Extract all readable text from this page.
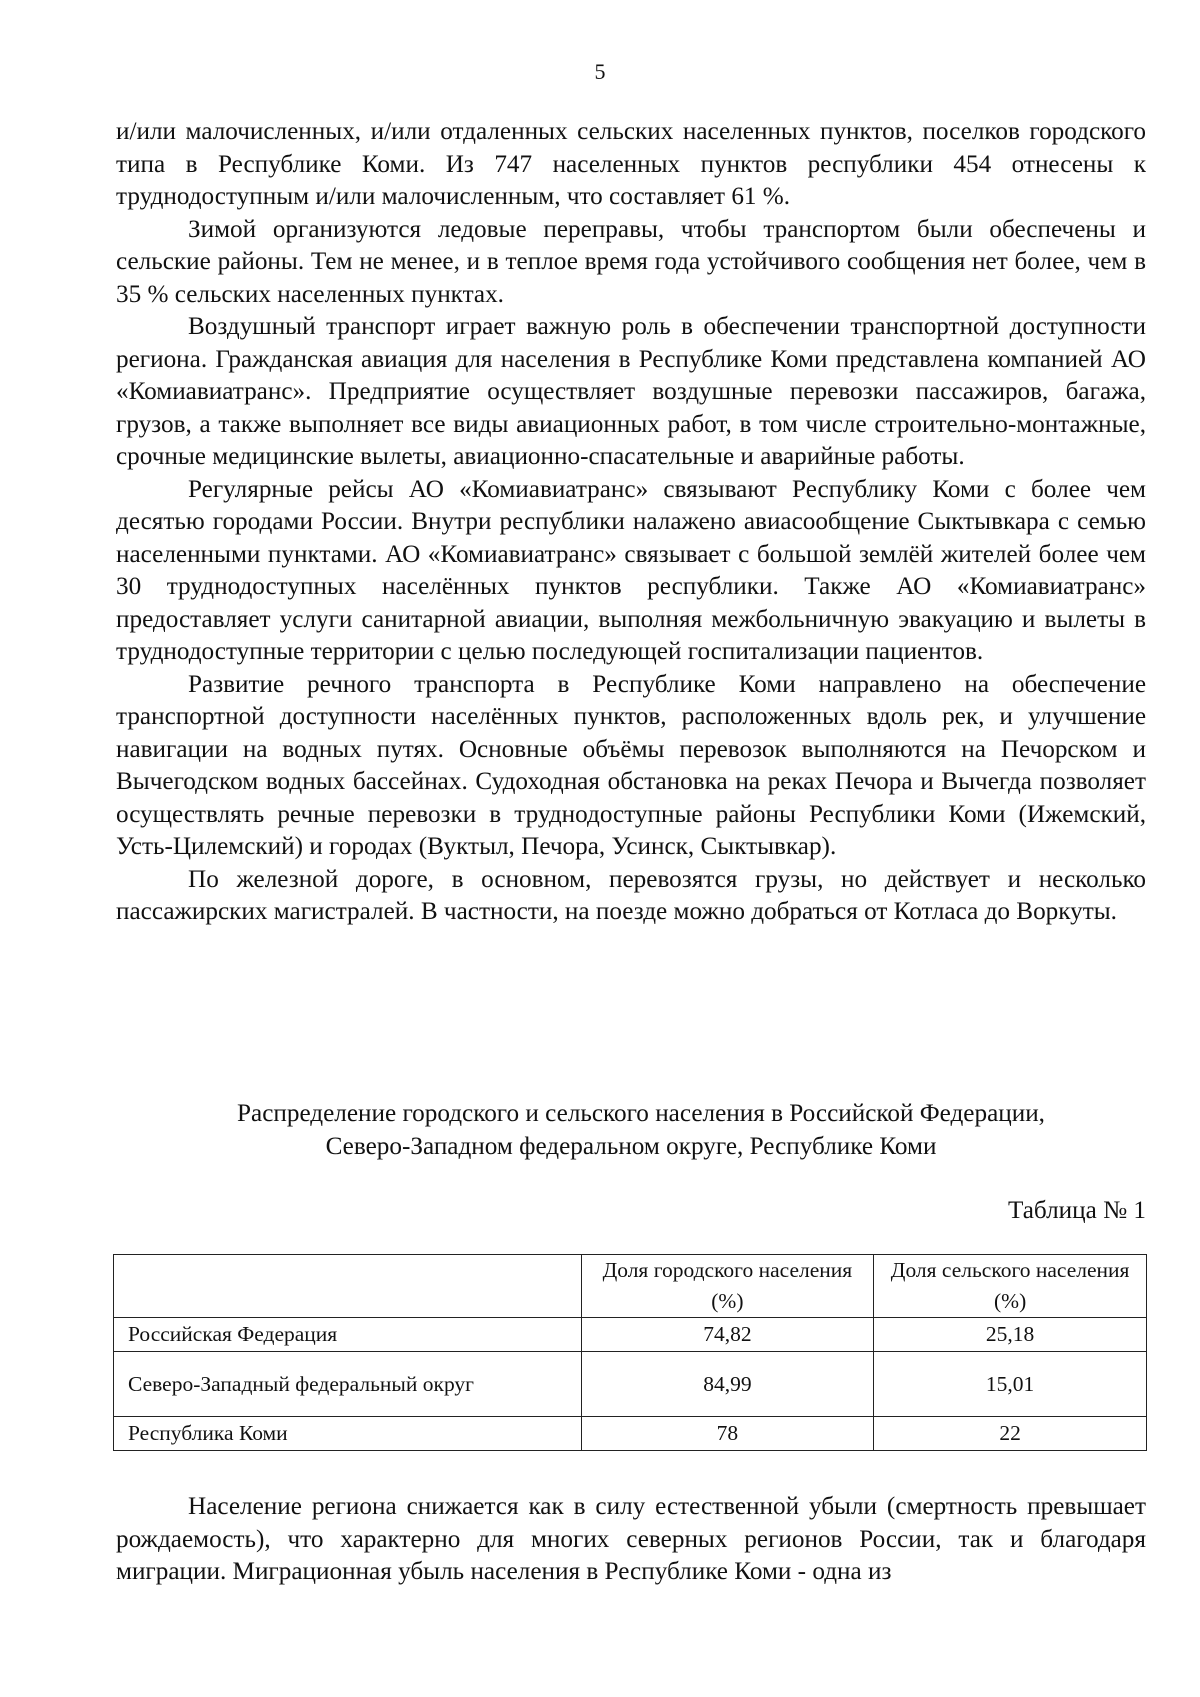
5

и/или малочисленных, и/или отдаленных сельских населенных пунктов, поселков городского типа в Республике Коми. Из 747 населенных пунктов республики 454 отнесены к труднодоступным и/или малочисленным, что составляет 61 %.

Зимой организуются ледовые переправы, чтобы транспортом были обеспечены и сельские районы. Тем не менее, и в теплое время года устойчивого сообщения нет более, чем в 35 % сельских населенных пунктах.

Воздушный транспорт играет важную роль в обеспечении транспортной доступности региона. Гражданская авиация для населения в Республике Коми представлена компанией АО «Комиавиатранс». Предприятие осуществляет воздушные перевозки пассажиров, багажа, грузов, а также выполняет все виды авиационных работ, в том числе строительно-монтажные, срочные медицинские вылеты, авиационно-спасательные и аварийные работы.

Регулярные рейсы АО «Комиавиатранс» связывают Республику Коми с более чем десятью городами России. Внутри республики налажено авиасообщение Сыктывкара с семью населенными пунктами. АО «Комиавиатранс» связывает с большой землёй жителей более чем 30 труднодоступных населённых пунктов республики. Также АО «Комиавиатранс» предоставляет услуги санитарной авиации, выполняя межбольничную эвакуацию и вылеты в труднодоступные территории с целью последующей госпитализации пациентов.

Развитие речного транспорта в Республике Коми направлено на обеспечение транспортной доступности населённых пунктов, расположенных вдоль рек, и улучшение навигации на водных путях. Основные объёмы перевозок выполняются на Печорском и Вычегодском водных бассейнах. Судоходная обстановка на реках Печора и Вычегда позволяет осуществлять речные перевозки в труднодоступные районы Республики Коми (Ижемский, Усть-Цилемский) и городах (Вуктыл, Печора, Усинск, Сыктывкар).

По железной дороге, в основном, перевозятся грузы, но действует и несколько пассажирских магистралей. В частности, на поезде можно добраться от Котласа до Воркуты.

Распределение городского и сельского населения в Российской Федерации,
Северо-Западном федеральном округе, Республике Коми
Таблица № 1
	Доля городского населения (%)	Доля сельского населения (%)
Российская Федерация	74,82	25,18
Северо-Западный федеральный округ	84,99	15,01
Республика Коми	78	22

Население региона снижается как в силу естественной убыли (смертность превышает рождаемость), что характерно для многих северных регионов России, так и благодаря миграции. Миграционная убыль населения в Республике Коми - одна из
